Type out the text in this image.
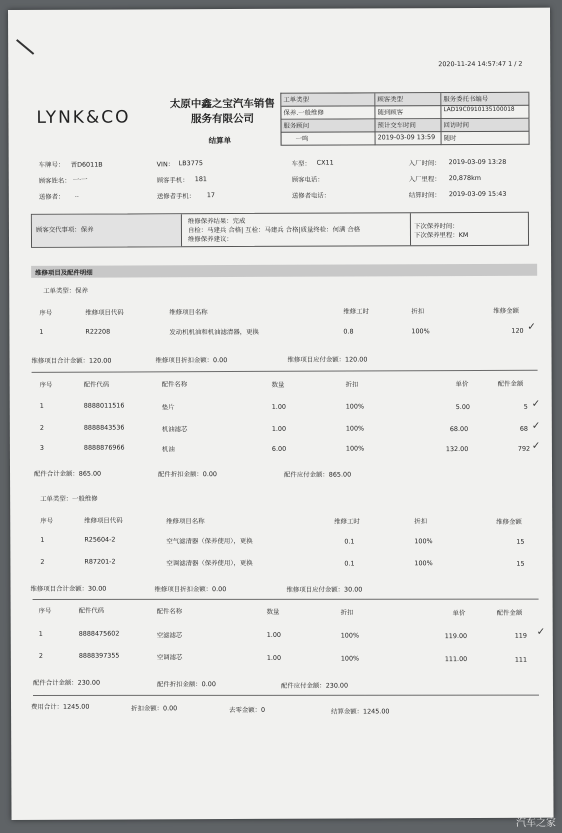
2020-11-24 14:57:47 1 / 2
LYNK&CO
太原中鑫之宝汽车销售
服务有限公司
结算单
工单类型	顾客类型	服务委托书编号
保养.一般维修	随到顾客	LAD19C0910135100018
服务顾问	预计交车时间	回访时间
一鸣	2019-03-09 13:59	随时
车牌号： 晋D6011B	VIN： LB3775	车型： CX11	入厂时间： 2019-03-09 13:28
顾客姓名： 一·一	顾客手机： 181	顾客电话：	入厂里程： 20,878km
送修者： ..	送修者手机： 17	送修者电话：	结算时间： 2019-03-09 15:43
顾客交代事项：保养
维修保养结果：完成
自检：马建兵 合格| 互检：马建兵 合格|质量终检：何满 合格
维修保养建议：
下次保养时间：
下次保养里程：KM
维修项目及配件明细
工单类型：保养
序号	维修项目代码	维修项目名称	维修工时	折扣	维修金额
1	R22208	发动机机油和机油滤清器，更换	0.8	100%	120 ✓
维修项目合计金额：120.00	维修项目折扣金额：0.00	维修项目应付金额：120.00
序号	配件代码	配件名称	数量	折扣	单价	配件金额
1	8888011516	垫片	1.00	100%	5.00	5 ✓
2	8888843536	机油滤芯	1.00	100%	68.00	68 ✓
3	8888876966	机油	6.00	100%	132.00	792 ✓
配件合计金额：865.00	配件折扣金额：0.00	配件应付金额：865.00
工单类型：一般维修
序号	维修项目代码	维修项目名称	维修工时	折扣	维修金额
1	R25604-2	空气滤清器（保养使用），更换	0.1	100%	15
2	R87201-2	空调滤清器（保养使用），更换	0.1	100%	15
维修项目合计金额：30.00	维修项目折扣金额：0.00	维修项目应付金额：30.00
序号	配件代码	配件名称	数量	折扣	单价	配件金额
1	8888475602	空滤滤芯	1.00	100%	119.00	119 ✓
2	8888397355	空调滤芯	1.00	100%	111.00	111
配件合计金额：230.00	配件折扣金额：0.00	配件应付金额：230.00
费用合计：1245.00	折扣金额：0.00	去零金额：0	结算金额：1245.00
汽车之家
